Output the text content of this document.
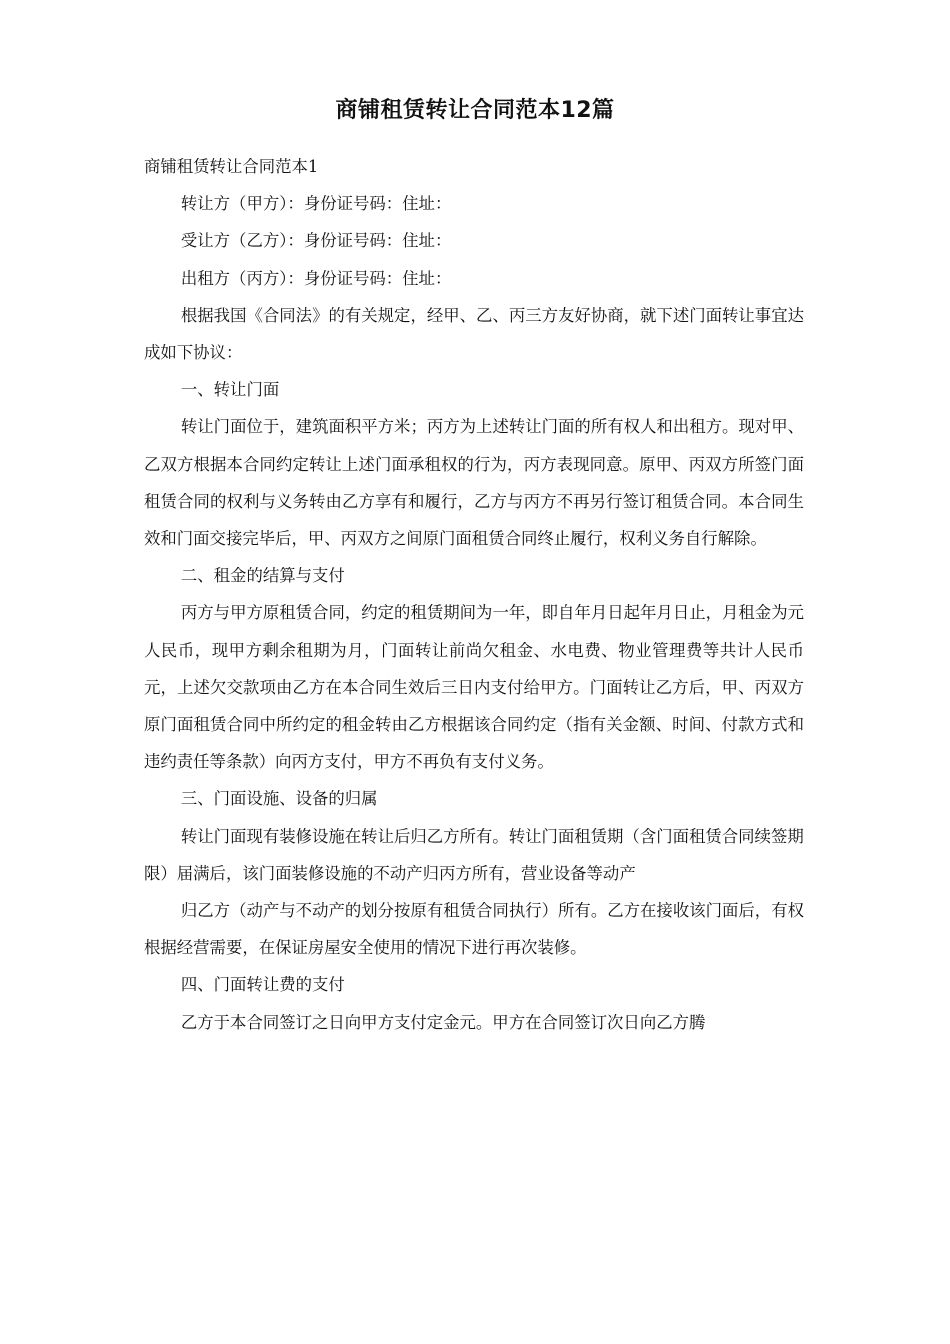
商铺租赁转让合同范本12篇

商铺租赁转让合同范本1

转让方（甲方）：身份证号码：住址：

受让方（乙方）：身份证号码：住址：

出租方（丙方）：身份证号码：住址：

根据我国《合同法》的有关规定，经甲、乙、丙三方友好协商，就下述门面转让事宜达成如下协议：

一、转让门面

转让门面位于，建筑面积平方米；丙方为上述转让门面的所有权人和出租方。现对甲、乙双方根据本合同约定转让上述门面承租权的行为，丙方表现同意。原甲、丙双方所签门面租赁合同的权利与义务转由乙方享有和履行，乙方与丙方不再另行签订租赁合同。本合同生效和门面交接完毕后，甲、丙双方之间原门面租赁合同终止履行，权利义务自行解除。

二、租金的结算与支付

丙方与甲方原租赁合同，约定的租赁期间为一年，即自年月日起年月日止，月租金为元人民币，现甲方剩余租期为月，门面转让前尚欠租金、水电费、物业管理费等共计人民币元，上述欠交款项由乙方在本合同生效后三日内支付给甲方。门面转让乙方后，甲、丙双方原门面租赁合同中所约定的租金转由乙方根据该合同约定（指有关金额、时间、付款方式和违约责任等条款）向丙方支付，甲方不再负有支付义务。

三、门面设施、设备的归属

转让门面现有装修设施在转让后归乙方所有。转让门面租赁期（含门面租赁合同续签期限）届满后，该门面装修设施的不动产归丙方所有，营业设备等动产

归乙方（动产与不动产的划分按原有租赁合同执行）所有。乙方在接收该门面后，有权根据经营需要，在保证房屋安全使用的情况下进行再次装修。

四、门面转让费的支付

乙方于本合同签订之日向甲方支付定金元。甲方在合同签订次日向乙方腾
